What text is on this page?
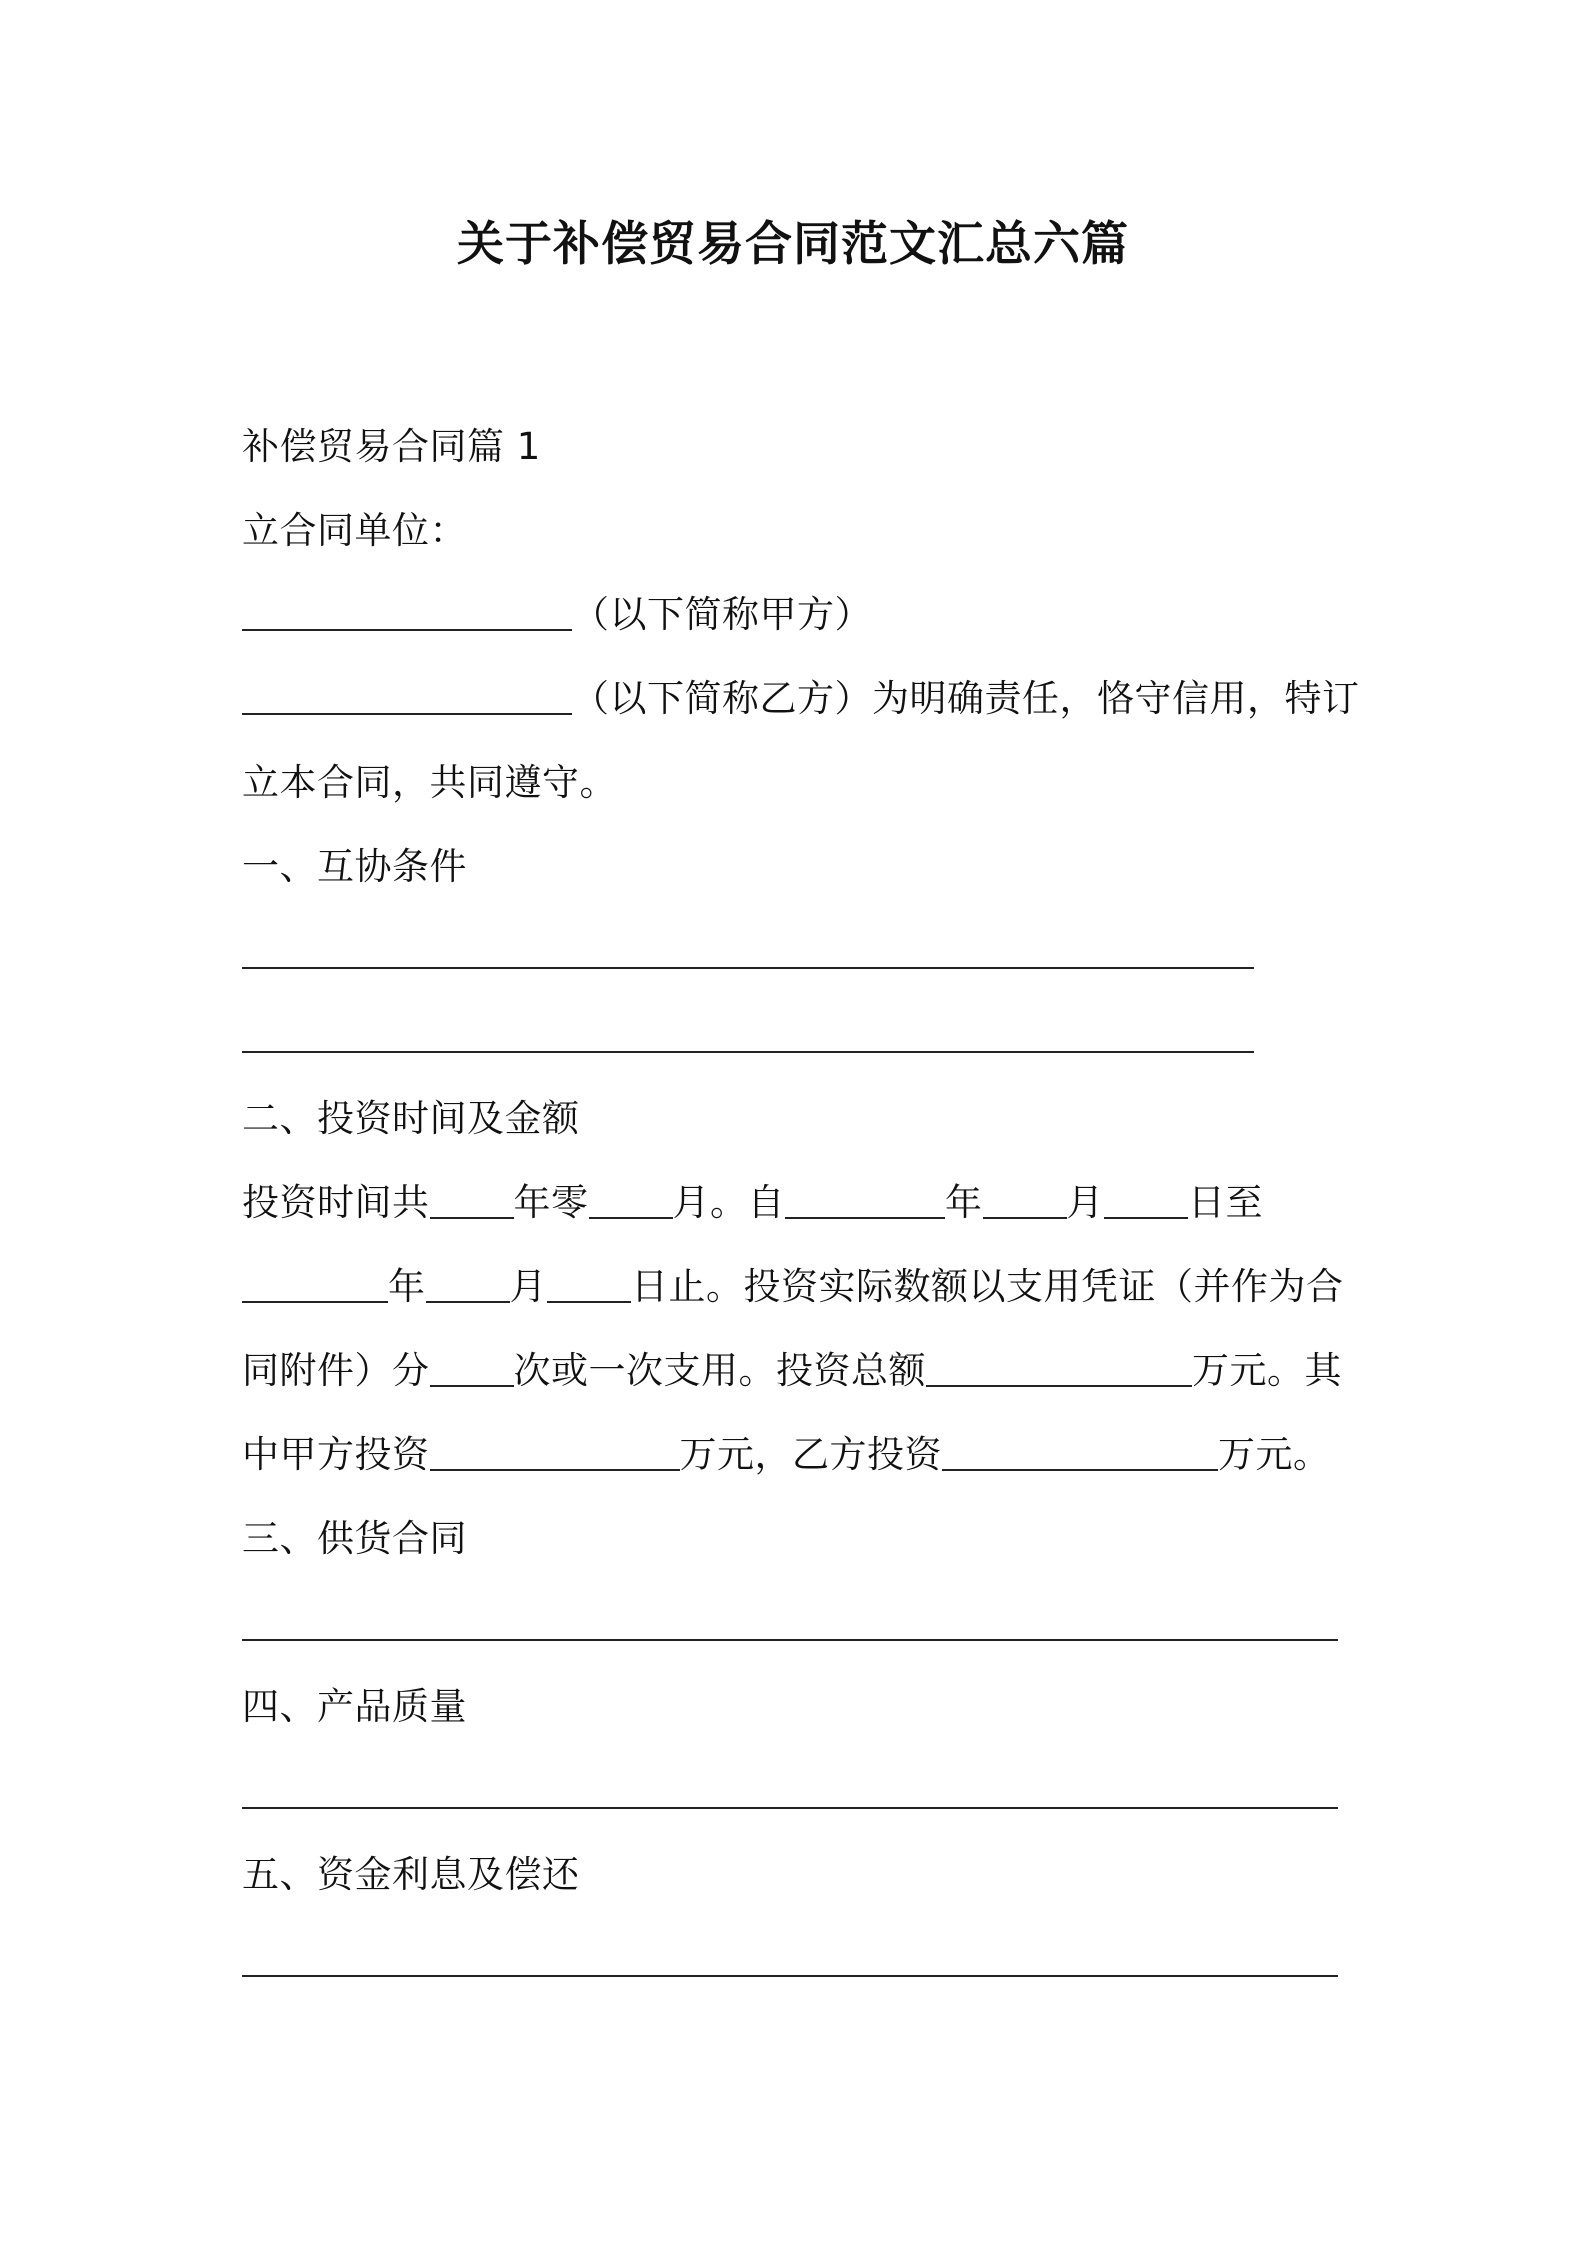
关于补偿贸易合同范文汇总六篇
补偿贸易合同篇 1
立合同单位：
（以下简称甲方）
（以下简称乙方）为明确责任，恪守信用，特订
立本合同，共同遵守。
一、互协条件
二、投资时间及金额
投资时间共 年零 月。自	年 月 日至
年 月 日止。投资实际数额以支用凭证（并作为合
同附件）分 次或一次支用。投资总额	万元。其
中甲方投资	万元，乙方投资	万元。
三、供货合同
四、产品质量
五、资金利息及偿还
